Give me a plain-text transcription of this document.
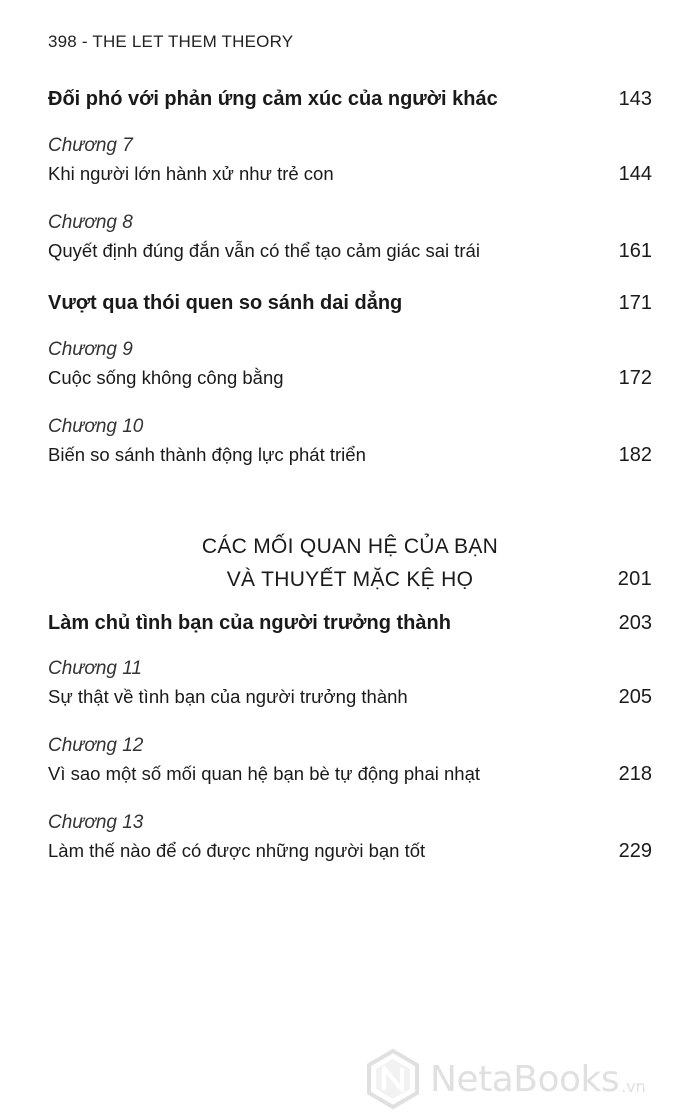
398 - THE LET THEM THEORY
Đối phó với phản ứng cảm xúc của người khác	143
Chương 7
Khi người lớn hành xử như trẻ con	144
Chương 8
Quyết định đúng đắn vẫn có thể tạo cảm giác sai trái	161
Vượt qua thói quen so sánh dai dẳng	171
Chương 9
Cuộc sống không công bằng	172
Chương 10
Biến so sánh thành động lực phát triển	182
CÁC MỐI QUAN HỆ CỦA BẠN
VÀ THUYẾT MẶC KỆ HỌ	201
Làm chủ tình bạn của người trưởng thành	203
Chương 11
Sự thật về tình bạn của người trưởng thành	205
Chương 12
Vì sao một số mối quan hệ bạn bè tự động phai nhạt	218
Chương 13
Làm thế nào để có được những người bạn tốt	229
NetaBooks .vn
